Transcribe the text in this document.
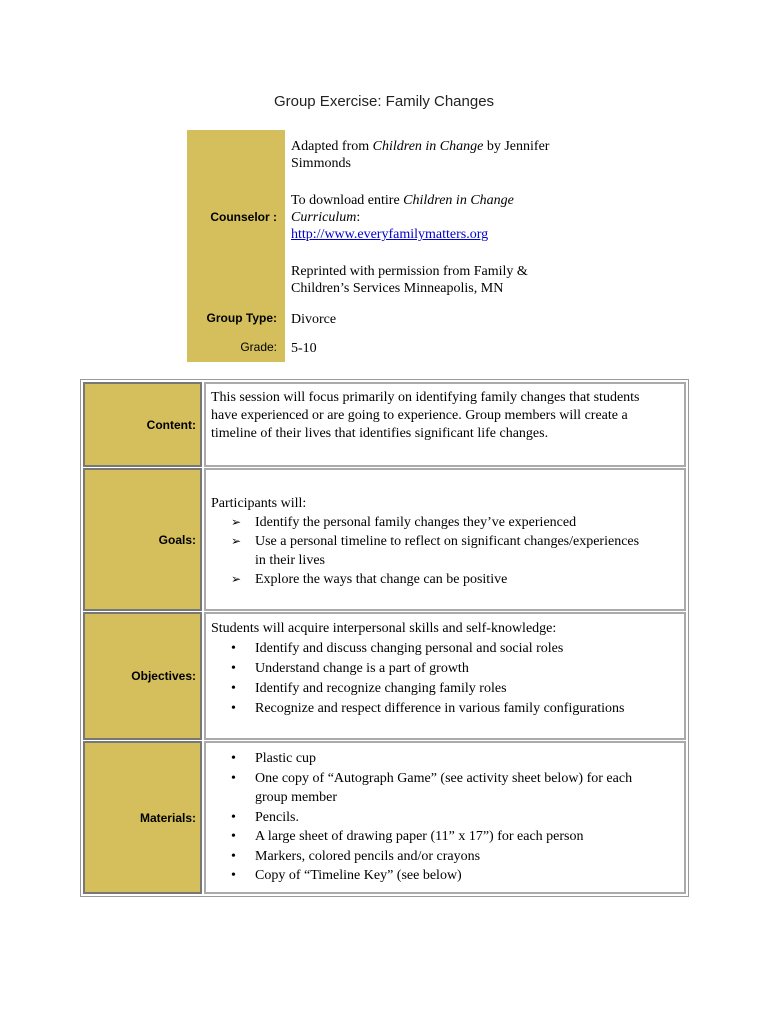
Group Exercise: Family Changes
Counselor :
Group Type:
Grade:
Adapted from Children in Change by Jennifer
Simmonds
To download entire Children in Change
Curriculum:
http://www.everyfamilymatters.org
Reprinted with permission from Family &
Children’s Services Minneapolis, MN
Divorce
5-10
Content:
This session will focus primarily on identifying family changes that students
have experienced or are going to experience. Group members will create a
timeline of their lives that identifies significant life changes.
Goals:
Participants will:
➢ Identify the personal family changes they’ve experienced
➢ Use a personal timeline to reflect on significant changes/experiences
in their lives
➢ Explore the ways that change can be positive
Objectives:
Students will acquire interpersonal skills and self-knowledge:
• Identify and discuss changing personal and social roles
• Understand change is a part of growth
• Identify and recognize changing family roles
• Recognize and respect difference in various family configurations
Materials:
• Plastic cup
• One copy of “Autograph Game” (see activity sheet below) for each
group member
• Pencils.
• A large sheet of drawing paper (11” x 17”) for each person
• Markers, colored pencils and/or crayons
• Copy of “Timeline Key” (see below)
